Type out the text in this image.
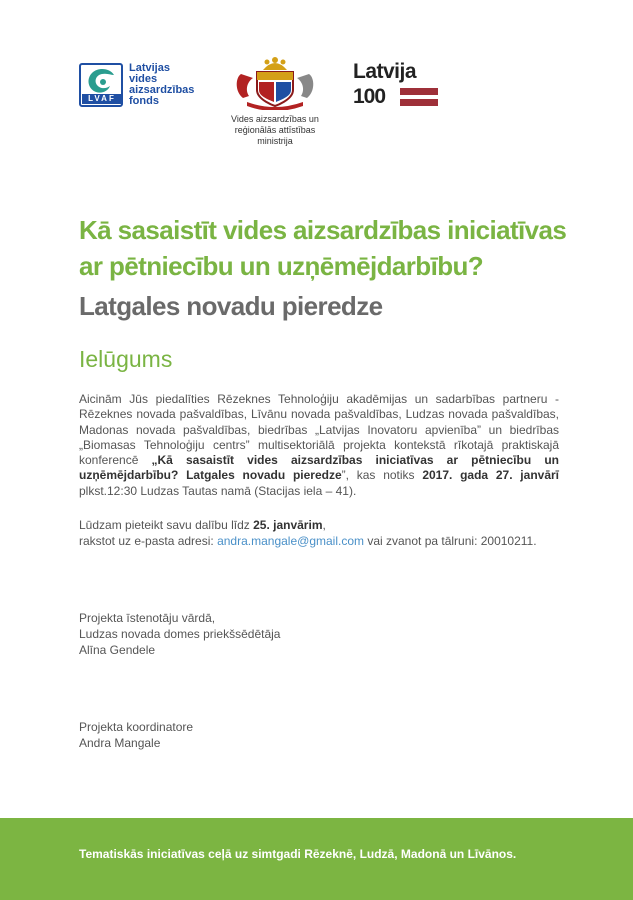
LVAF
Latvijas
vides
aizsardzības
fonds
Vides aizsardzības un
reģionālās attīstības
ministrija
Latvija
100
Kā sasaistīt vides aizsardzības iniciatīvas
ar pētniecību un uzņēmējdarbību?
Latgales novadu pieredze
Ielūgums
Aicinām Jūs piedalīties Rēzeknes Tehnoloģiju akadēmijas un sadarbības partneru - Rēzeknes novada pašvaldības, Līvānu novada pašvaldības, Ludzas novada pašvaldības, Madonas novada pašvaldības, biedrības „Latvijas Inovatoru apvienība” un biedrības „Biomasas Tehnoloģiju centrs” multisektoriālā projekta kontekstā rīkotajā praktiskajā konferencē „Kā sasaistīt vides aizsardzības iniciatīvas ar pētniecību un uzņēmējdarbību? Latgales novadu pieredze”, kas notiks 2017. gada 27. janvārī plkst.12:30 Ludzas Tautas namā (Stacijas iela – 41).
Lūdzam pieteikt savu dalību līdz 25. janvārim,
rakstot uz e-pasta adresi: andra.mangale@gmail.com vai zvanot pa tālruni: 20010211.
Projekta īstenotāju vārdā,
Ludzas novada domes priekšsēdētāja
Alīna Gendele
Projekta koordinatore
Andra Mangale
Tematiskās iniciatīvas ceļā uz simtgadi Rēzeknē, Ludzā, Madonā un Līvānos.
